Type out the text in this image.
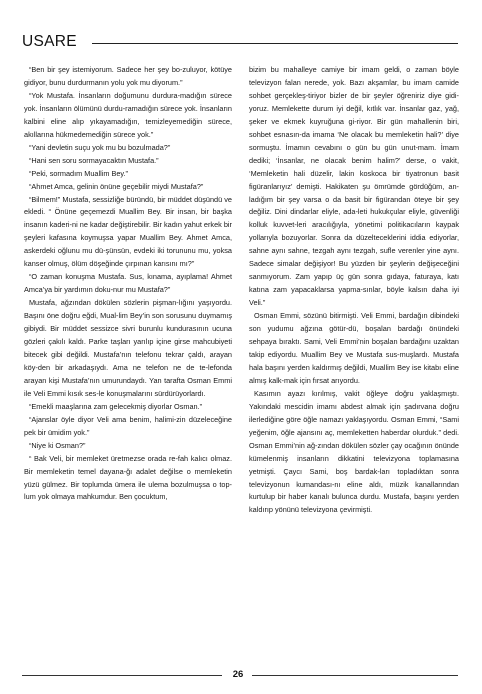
USARE

“Ben bir şey istemiyorum. Sadece her şey bo-zuluyor, kötüye gidiyor, bunu durdurmanın yolu yok mu diyorum.”

“Yok Mustafa. İnsanların doğumunu durdura-madığın sürece yok. İnsanların ölümünü durdu-ramadığın sürece yok. İnsanların kalbini eline alıp yıkayamadığın, temizleyemediğin sürece, akıllarına hükmedemediğin sürece yok.”

“Yani devletin suçu yok mu bu bozulmada?”

“Hani sen soru sormayacaktın Mustafa.”

“Peki, sormadım Muallim Bey.”

“Ahmet Amca, gelinin önüne geçebilir miydi Mustafa?”

“Bilmem!” Mustafa, sessizliğe büründü, bir müddet düşündü ve ekledi. “ Önüne geçemezdi Muallim Bey. Bir insan, bir başka insanın kaderi-ni ne kadar değiştirebilir. Bir kadın yahut erkek bir şeyleri kafasına koymuşsa yapar Muallim Bey. Ahmet Amca, askerdeki oğlunu mu dü-şünsün, evdeki iki torununu mu, yoksa kanser olmuş, ölüm döşeğinde çırpınan karısını mı?”

“O zaman konuşma Mustafa. Sus, kınama, ayıplama! Ahmet Amca’ya bir yardımın doku-nur mu Mustafa?”

Mustafa, ağzından dökülen sözlerin pişman-lığını yaşıyordu. Başını öne doğru eğdi, Mual-lim Bey’in son sorusunu duymamış gibiydi. Bir müddet sessizce sivri burunlu kundurasının ucuna gözleri çakılı kaldı. Parke taşları yarılıp içine girse mahcubiyeti bitecek gibi değildi. Mustafa’nın telefonu tekrar çaldı, arayan köy-den bir arkadaşıydı. Ama ne telefon ne de te-lefonda arayan kişi Mustafa’nın umurundaydı. Yan tarafta Osman Emmi ile Veli Emmi kısık ses-le konuşmalarını sürdürüyorlardı.

“Emekli maaşlarına zam gelecekmiş diyorlar Osman.”

“Ajanslar öyle diyor Veli ama benim, halimi-zin düzeleceğine pek bir ümidim yok.”

“Niye ki Osman?”

“ Bak Veli, bir memleket üretmezse orada re-fah kalıcı olmaz. Bir memleketin temel dayana-ğı adalet değilse o memleketin yüzü gülmez. Bir toplumda ümera ile ulema bozulmuşsa o top-lum yok olmaya mahkumdur. Ben çocuktum,

bizim bu mahalleye camiye bir imam geldi, o zaman böyle televizyon falan nerede, yok. Bazı akşamlar, bu imam camide sohbet gerçekleş-tiriyor bizler de bir şeyler öğreniriz diye gidi-yoruz. Memlekette durum iyi değil, kıtlık var. İnsanlar gaz, yağ, şeker ve ekmek kuyruğuna gi-riyor. Bir gün mahallenin biri, sohbet esnasın-da imama ‘Ne olacak bu memleketin hali?’ diye sormuştu. İmamın cevabını o gün bu gün unut-mam. İmam dediki; ‘İnsanlar, ne olacak benim halim?’ derse, o vakit, ‘Memleketin hali düzelir, lakin koskoca bir tiyatronun basit figüranlarıyız’ demişti. Hakikaten şu ömrümde gördüğüm, an-ladığım bir şey varsa o da basit bir figürandan öteye bir şey değiliz. Dini dindarlar eliyle, ada-leti hukukçular eliyle, güvenliği kolluk kuvvet-leri aracılığıyla, yönetimi politikacıların kaypak yollarıyla bozuyorlar. Sonra da düzelteceklerini iddia ediyorlar, sahne aynı sahne, tezgah aynı tezgah, sufle verenler yine aynı. Sadece simalar değişiyor! Bu yüzden bir şeylerin değişeceğini sanmıyorum. Zam yapıp üç gün sonra gıdaya, faturaya, katı katına zam yapacaklarsa yapma-sınlar, böyle kalsın daha iyi Veli.”

Osman Emmi, sözünü bitirmişti. Veli Emmi, bardağın dibindeki son yudumu ağzına götür-dü, boşalan bardağı önündeki sehpaya bıraktı. Sami, Veli Emmi’nin boşalan bardağını uzaktan takip ediyordu. Muallim Bey ve Mustafa sus-muşlardı. Mustafa hala başını yerden kaldırmış değildi, Muallim Bey ise kitabı eline almış kalk-mak için fırsat arıyordu.

Kasımın ayazı kırılmış, vakit öğleye doğru yaklaşmıştı. Yakındaki mescidin imamı abdest almak için şadırvana doğru ilerlediğine göre öğle namazı yaklaşıyordu. Osman Emmi, “Sami yeğenim, öğle ajansını aç, memleketten haberdar olurduk.” dedi. Osman Emmi’nin ağ-zından dökülen sözler çay ocağının önünde kümelenmiş insanların dikkatini televizyona toplamasına yetmişti. Çaycı Sami, boş bardak-ları topladıktan sonra televizyonun kumandası-nı eline aldı, müzik kanallarından kurtulup bir haber kanalı bulunca durdu. Mustafa, başını yerden kaldırıp yönünü televizyona çevirmişti.

26
